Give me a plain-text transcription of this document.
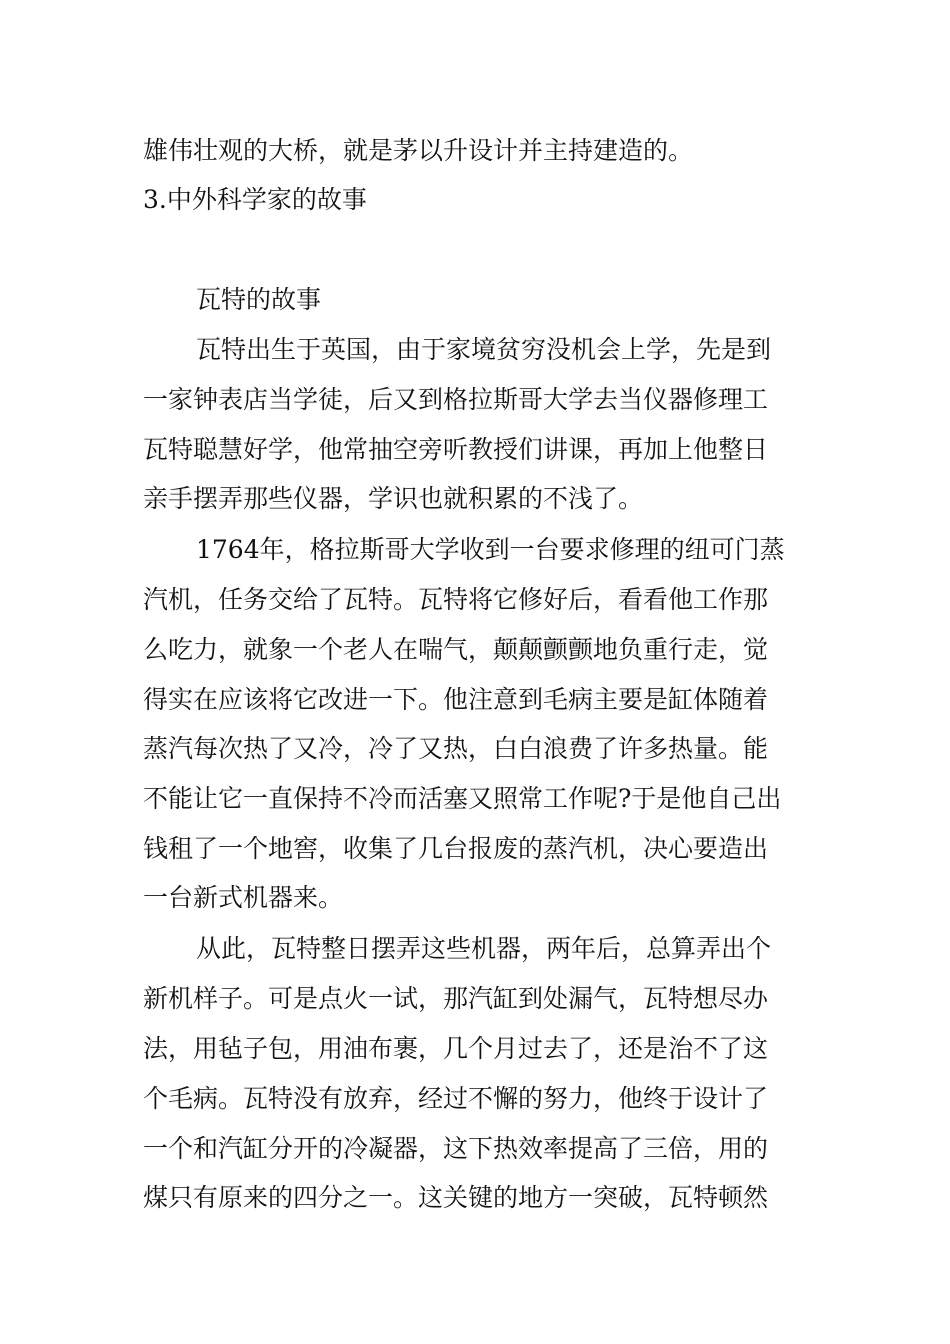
雄伟壮观的大桥，就是茅以升设计并主持建造的。
3.中外科学家的故事
瓦特的故事
瓦特出生于英国，由于家境贫穷没机会上学，先是到
一家钟表店当学徒，后又到格拉斯哥大学去当仪器修理工
瓦特聪慧好学，他常抽空旁听教授们讲课，再加上他整日
亲手摆弄那些仪器，学识也就积累的不浅了。
1764年，格拉斯哥大学收到一台要求修理的纽可门蒸
汽机，任务交给了瓦特。瓦特将它修好后，看看他工作那
么吃力，就象一个老人在喘气，颠颠颤颤地负重行走，觉
得实在应该将它改进一下。他注意到毛病主要是缸体随着
蒸汽每次热了又冷，冷了又热，白白浪费了许多热量。能
不能让它一直保持不冷而活塞又照常工作呢?于是他自己出
钱租了一个地窖，收集了几台报废的蒸汽机，决心要造出
一台新式机器来。
从此，瓦特整日摆弄这些机器，两年后，总算弄出个
新机样子。可是点火一试，那汽缸到处漏气，瓦特想尽办
法，用毡子包，用油布裹，几个月过去了，还是治不了这
个毛病。瓦特没有放弃，经过不懈的努力，他终于设计了
一个和汽缸分开的冷凝器，这下热效率提高了三倍，用的
煤只有原来的四分之一。这关键的地方一突破，瓦特顿然
